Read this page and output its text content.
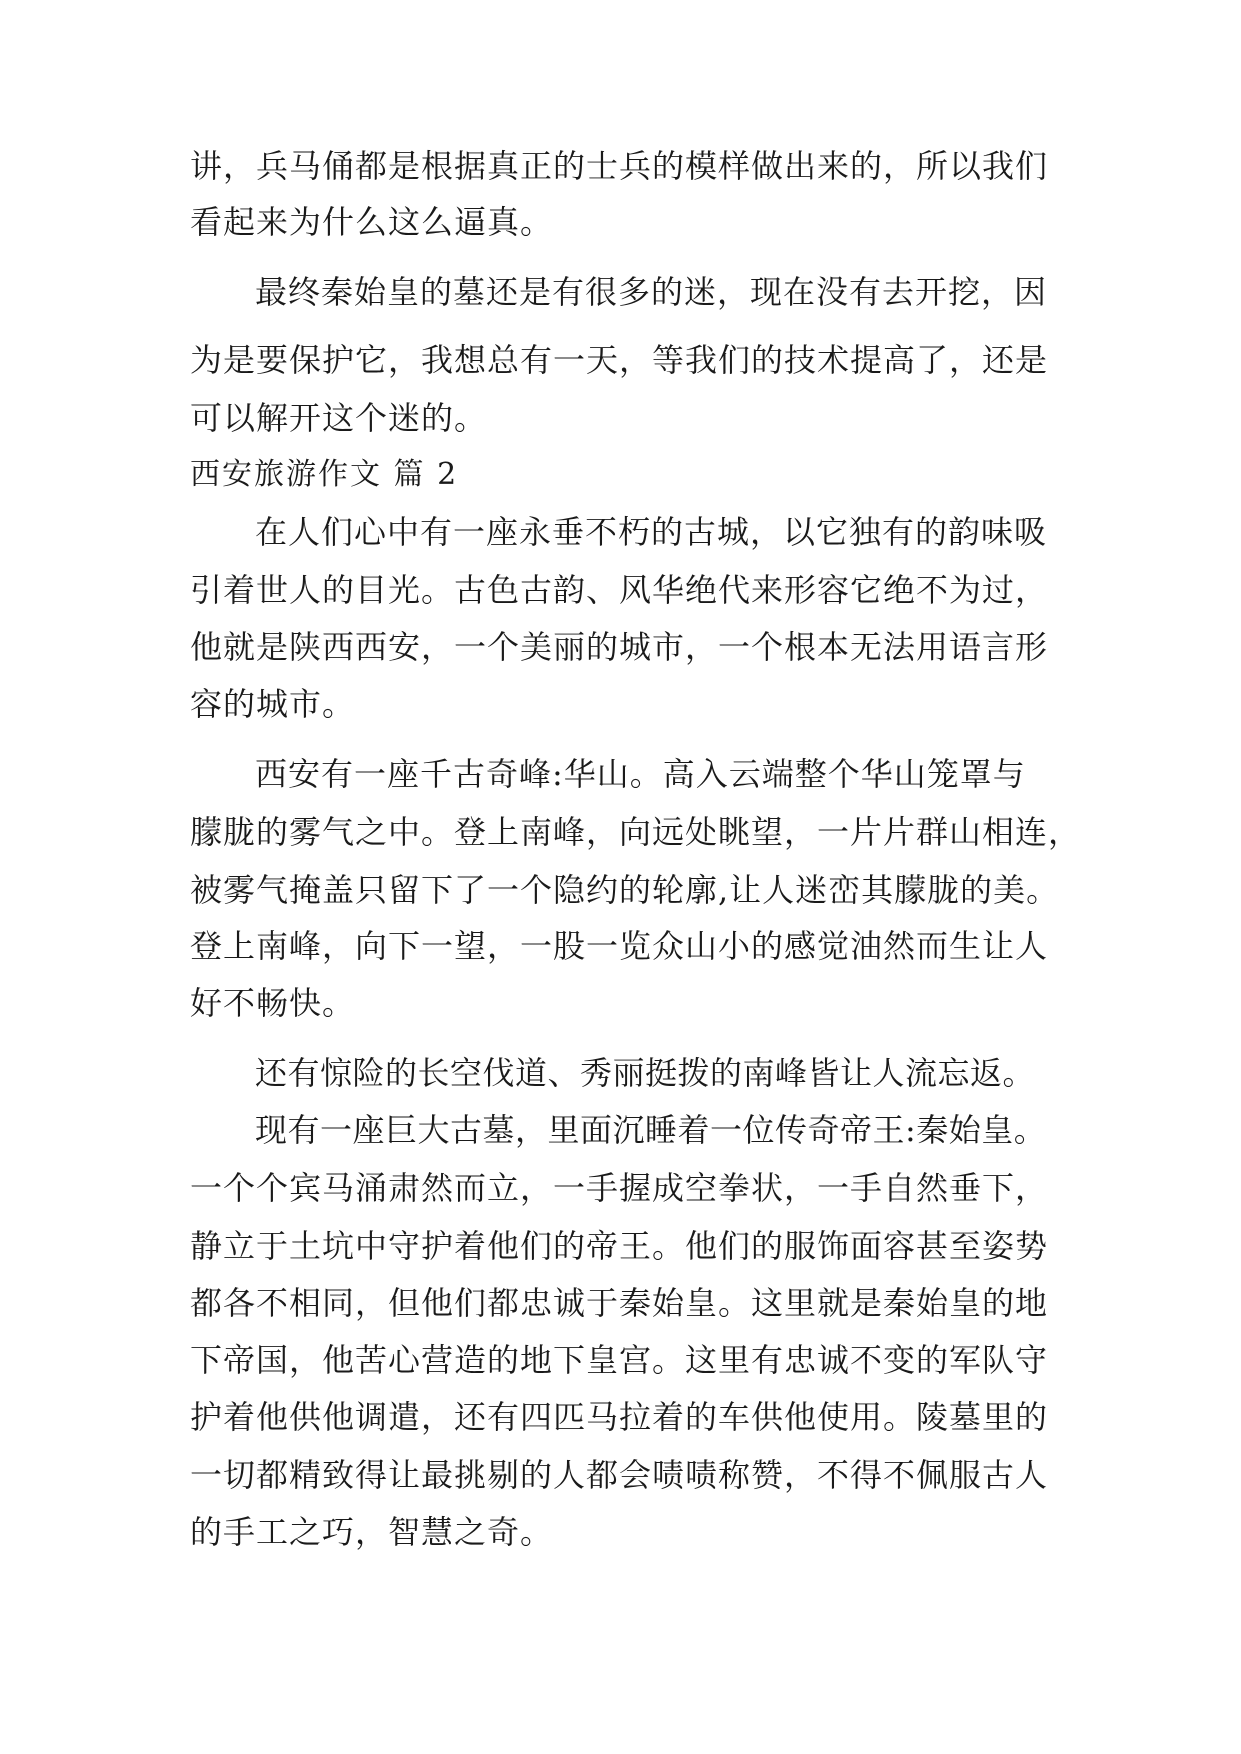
讲，兵马俑都是根据真正的士兵的模样做出来的，所以我们

看起来为什么这么逼真。

最终秦始皇的墓还是有很多的迷，现在没有去开挖，因

为是要保护它，我想总有一天，等我们的技术提高了，还是

可以解开这个迷的。

西安旅游作文 篇 2

在人们心中有一座永垂不朽的古城，以它独有的韵味吸

引着世人的目光。古色古韵、风华绝代来形容它绝不为过，

他就是陕西西安，一个美丽的城市，一个根本无法用语言形

容的城市。

西安有一座千古奇峰:华山。高入云端整个华山笼罩与

朦胧的雾气之中。登上南峰，向远处眺望，一片片群山相连，

被雾气掩盖只留下了一个隐约的轮廓,让人迷峦其朦胧的美。

登上南峰，向下一望，一股一览众山小的感觉油然而生让人

好不畅快。

还有惊险的长空伐道、秀丽挺拨的南峰皆让人流忘返。

现有一座巨大古墓，里面沉睡着一位传奇帝王:秦始皇。

一个个宾马涌肃然而立，一手握成空拳状，一手自然垂下，

静立于土坑中守护着他们的帝王。他们的服饰面容甚至姿势

都各不相同，但他们都忠诚于秦始皇。这里就是秦始皇的地

下帝国，他苦心营造的地下皇宫。这里有忠诚不变的军队守

护着他供他调遣，还有四匹马拉着的车供他使用。陵墓里的

一切都精致得让最挑剔的人都会啧啧称赞，不得不佩服古人

的手工之巧，智慧之奇。
